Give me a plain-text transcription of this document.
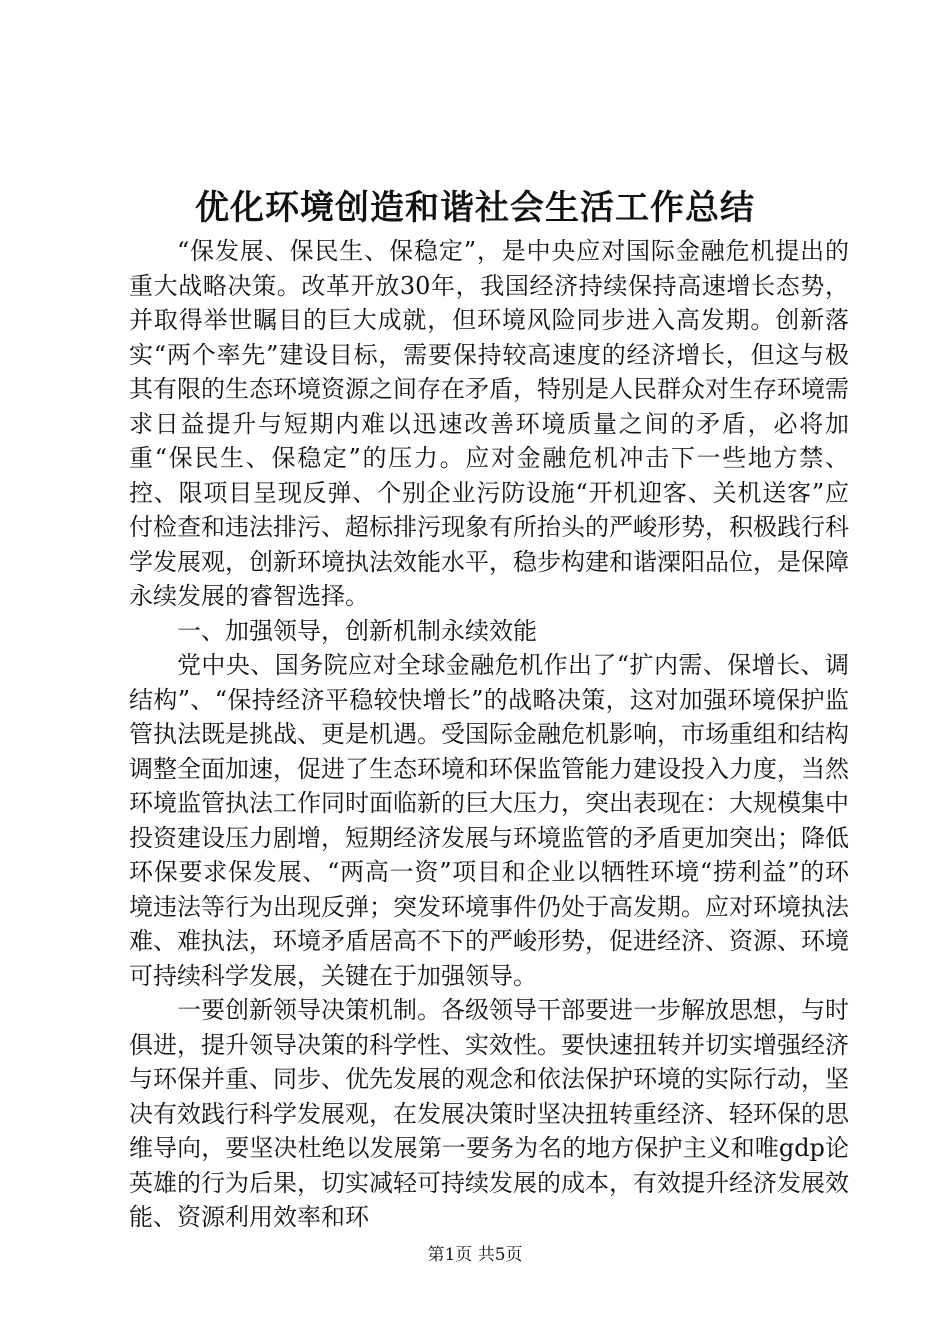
优化环境创造和谐社会生活工作总结

“保发展、保民生、保稳定”，是中央应对国际金融危机提出的重大战略决策。改革开放30年，我国经济持续保持高速增长态势，并取得举世瞩目的巨大成就，但环境风险同步进入高发期。创新落实“两个率先”建设目标，需要保持较高速度的经济增长，但这与极其有限的生态环境资源之间存在矛盾，特别是人民群众对生存环境需求日益提升与短期内难以迅速改善环境质量之间的矛盾，必将加重“保民生、保稳定”的压力。应对金融危机冲击下一些地方禁、控、限项目呈现反弹、个别企业污防设施“开机迎客、关机送客”应付检查和违法排污、超标排污现象有所抬头的严峻形势，积极践行科学发展观，创新环境执法效能水平，稳步构建和谐溧阳品位，是保障永续发展的睿智选择。

一、加强领导，创新机制永续效能

党中央、国务院应对全球金融危机作出了“扩内需、保增长、调结构”、“保持经济平稳较快增长”的战略决策，这对加强环境保护监管执法既是挑战、更是机遇。受国际金融危机影响，市场重组和结构调整全面加速，促进了生态环境和环保监管能力建设投入力度，当然环境监管执法工作同时面临新的巨大压力，突出表现在：大规模集中投资建设压力剧增，短期经济发展与环境监管的矛盾更加突出；降低环保要求保发展、“两高一资”项目和企业以牺牲环境“捞利益”的环境违法等行为出现反弹；突发环境事件仍处于高发期。应对环境执法难、难执法，环境矛盾居高不下的严峻形势，促进经济、资源、环境可持续科学发展，关键在于加强领导。

一要创新领导决策机制。各级领导干部要进一步解放思想，与时俱进，提升领导决策的科学性、实效性。要快速扭转并切实增强经济与环保并重、同步、优先发展的观念和依法保护环境的实际行动，坚决有效践行科学发展观，在发展决策时坚决扭转重经济、轻环保的思维导向，要坚决杜绝以发展第一要务为名的地方保护主义和唯gdp论英雄的行为后果，切实减轻可持续发展的成本，有效提升经济发展效能、资源利用效率和环

第1页 共5页
